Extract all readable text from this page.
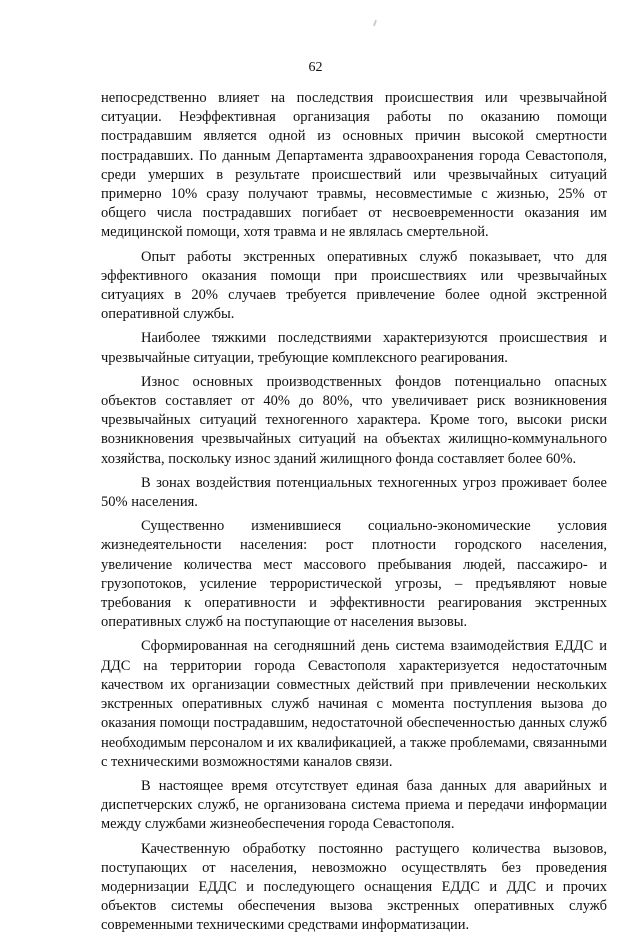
62

непосредственно влияет на последствия происшествия или чрезвычайной ситуации. Неэффективная организация работы по оказанию помощи пострадавшим является одной из основных причин высокой смертности пострадавших. По данным Департамента здравоохранения города Севастополя, среди умерших в результате происшествий или чрезвычайных ситуаций примерно 10% сразу получают травмы, несовместимые с жизнью, 25% от общего числа пострадавших погибает от несвоевременности оказания им медицинской помощи, хотя травма и не являлась смертельной.

Опыт работы экстренных оперативных служб показывает, что для эффективного оказания помощи при происшествиях или чрезвычайных ситуациях в 20% случаев требуется привлечение более одной экстренной оперативной службы.

Наиболее тяжкими последствиями характеризуются происшествия и чрезвычайные ситуации, требующие комплексного реагирования.

Износ основных производственных фондов потенциально опасных объектов составляет от 40% до 80%, что увеличивает риск возникновения чрезвычайных ситуаций техногенного характера. Кроме того, высоки риски возникновения чрезвычайных ситуаций на объектах жилищно-коммунального хозяйства, поскольку износ зданий жилищного фонда составляет более 60%.

В зонах воздействия потенциальных техногенных угроз проживает более 50% населения.

Существенно изменившиеся социально-экономические условия жизнедеятельности населения: рост плотности городского населения, увеличение количества мест массового пребывания людей, пассажиро- и грузопотоков, усиление террористической угрозы, – предъявляют новые требования к оперативности и эффективности реагирования экстренных оперативных служб на поступающие от населения вызовы.

Сформированная на сегодняшний день система взаимодействия ЕДДС и ДДС на территории города Севастополя характеризуется недостаточным качеством их организации совместных действий при привлечении нескольких экстренных оперативных служб начиная с момента поступления вызова до оказания помощи пострадавшим, недостаточной обеспеченностью данных служб необходимым персоналом и их квалификацией, а также проблемами, связанными с техническими возможностями каналов связи.

В настоящее время отсутствует единая база данных для аварийных и диспетчерских служб, не организована система приема и передачи информации между службами жизнеобеспечения города Севастополя.

Качественную обработку постоянно растущего количества вызовов, поступающих от населения, невозможно осуществлять без проведения модернизации ЕДДС и последующего оснащения ЕДДС и ДДС и прочих объектов системы обеспечения вызова экстренных оперативных служб современными техническими средствами информатизации.
